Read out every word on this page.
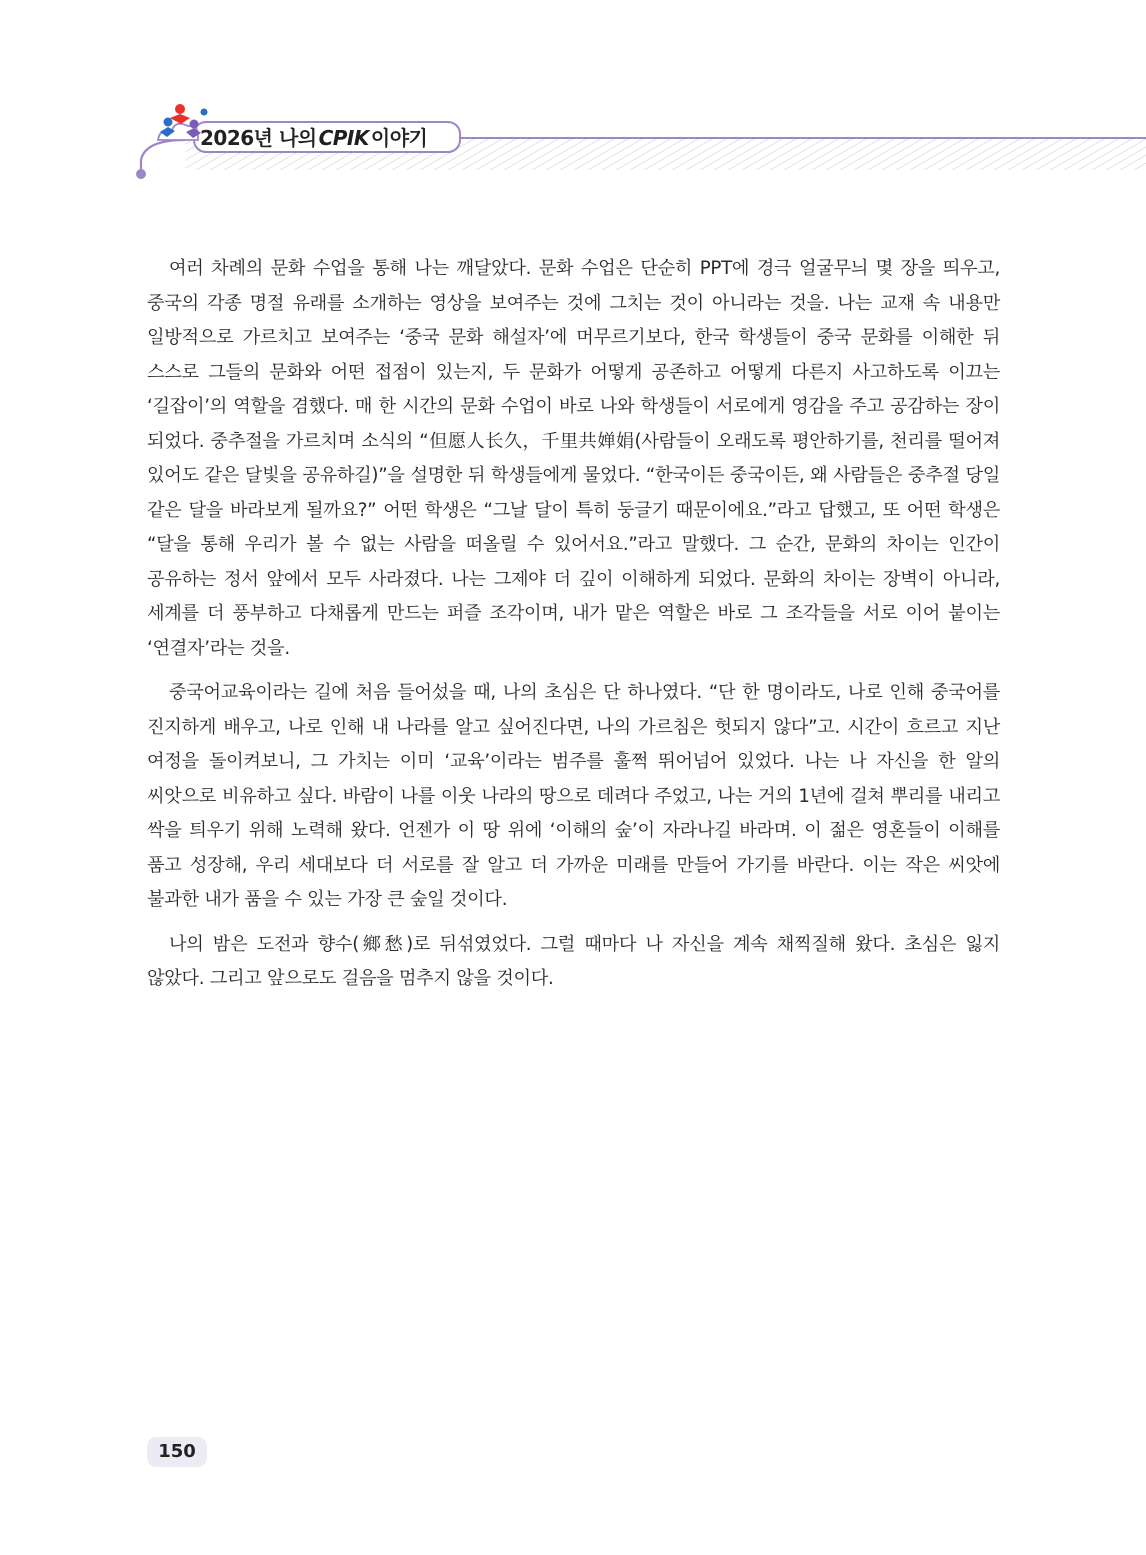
2026년 나의 CPIK 이야기

여러 차례의 문화 수업을 통해 나는 깨달았다. 문화 수업은 단순히 PPT에 경극 얼굴무늬 몇 장을 띄우고, 중국의 각종 명절 유래를 소개하는 영상을 보여주는 것에 그치는 것이 아니라는 것을. 나는 교재 속 내용만 일방적으로 가르치고 보여주는 ‘중국 문화 해설자’에 머무르기보다, 한국 학생들이 중국 문화를 이해한 뒤 스스로 그들의 문화와 어떤 접점이 있는지, 두 문화가 어떻게 공존하고 어떻게 다른지 사고하도록 이끄는 ‘길잡이’의 역할을 겸했다. 매 한 시간의 문화 수업이 바로 나와 학생들이 서로에게 영감을 주고 공감하는 장이 되었다. 중추절을 가르치며 소식의 “但愿人长久，千里共婵娟(사람들이 오래도록 평안하기를, 천리를 떨어져 있어도 같은 달빛을 공유하길)”을 설명한 뒤 학생들에게 물었다. “한국이든 중국이든, 왜 사람들은 중추절 당일 같은 달을 바라보게 될까요?” 어떤 학생은 “그날 달이 특히 둥글기 때문이에요.”라고 답했고, 또 어떤 학생은 “달을 통해 우리가 볼 수 없는 사람을 떠올릴 수 있어서요.”라고 말했다. 그 순간, 문화의 차이는 인간이 공유하는 정서 앞에서 모두 사라졌다. 나는 그제야 더 깊이 이해하게 되었다. 문화의 차이는 장벽이 아니라, 세계를 더 풍부하고 다채롭게 만드는 퍼즐 조각이며, 내가 맡은 역할은 바로 그 조각들을 서로 이어 붙이는 ‘연결자’라는 것을.

중국어교육이라는 길에 처음 들어섰을 때, 나의 초심은 단 하나였다. “단 한 명이라도, 나로 인해 중국어를 진지하게 배우고, 나로 인해 내 나라를 알고 싶어진다면, 나의 가르침은 헛되지 않다”고. 시간이 흐르고 지난 여정을 돌이켜보니, 그 가치는 이미 ‘교육’이라는 범주를 훌쩍 뛰어넘어 있었다. 나는 나 자신을 한 알의 씨앗으로 비유하고 싶다. 바람이 나를 이웃 나라의 땅으로 데려다 주었고, 나는 거의 1년에 걸쳐 뿌리를 내리고 싹을 틔우기 위해 노력해 왔다. 언젠가 이 땅 위에 ‘이해의 숲’이 자라나길 바라며. 이 젊은 영혼들이 이해를 품고 성장해, 우리 세대보다 더 서로를 잘 알고 더 가까운 미래를 만들어 가기를 바란다. 이는 작은 씨앗에 불과한 내가 품을 수 있는 가장 큰 숲일 것이다.

나의 밤은 도전과 향수(鄉愁)로 뒤섞였었다. 그럴 때마다 나 자신을 계속 채찍질해 왔다. 초심은 잃지 않았다. 그리고 앞으로도 걸음을 멈추지 않을 것이다.

150
